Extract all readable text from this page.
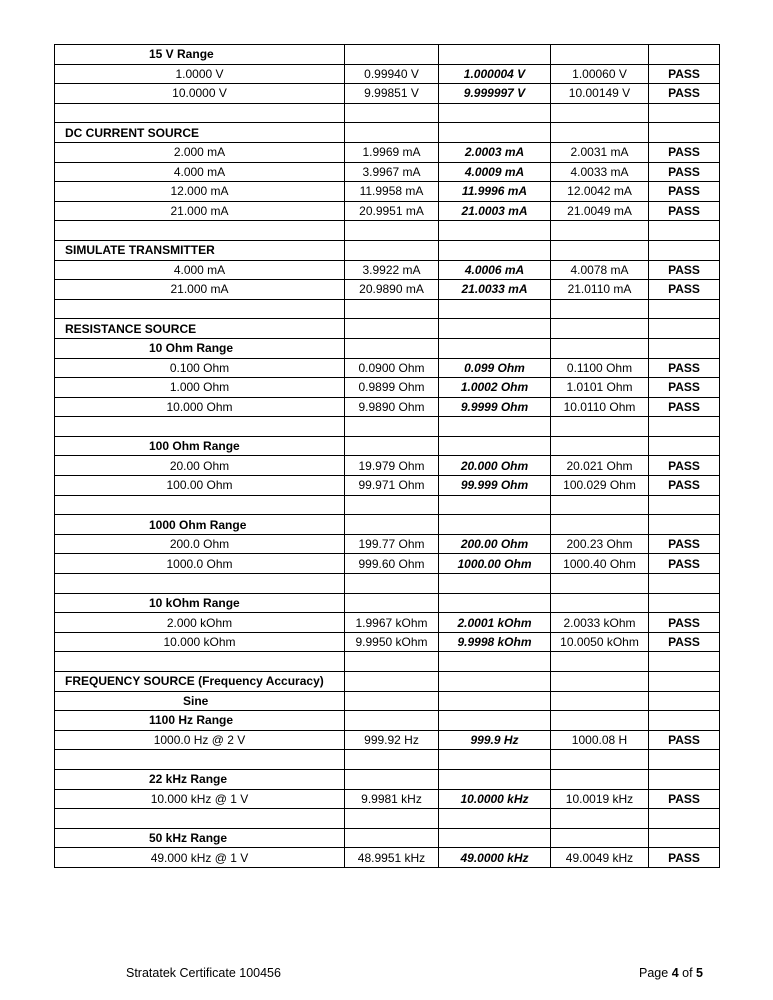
15 V Range				
1.0000 V	0.99940 V	1.000004 V	1.00060 V	PASS
10.0000 V	9.99851 V	9.999997 V	10.00149 V	PASS

DC CURRENT SOURCE				
2.000 mA	1.9969 mA	2.0003 mA	2.0031 mA	PASS
4.000 mA	3.9967 mA	4.0009 mA	4.0033 mA	PASS
12.000 mA	11.9958 mA	11.9996 mA	12.0042 mA	PASS
21.000 mA	20.9951 mA	21.0003 mA	21.0049 mA	PASS

SIMULATE TRANSMITTER				
4.000 mA	3.9922 mA	4.0006 mA	4.0078 mA	PASS
21.000 mA	20.9890 mA	21.0033 mA	21.0110 mA	PASS

RESISTANCE SOURCE				
10 Ohm Range				
0.100 Ohm	0.0900 Ohm	0.099 Ohm	0.1100 Ohm	PASS
1.000 Ohm	0.9899 Ohm	1.0002 Ohm	1.0101 Ohm	PASS
10.000 Ohm	9.9890 Ohm	9.9999 Ohm	10.0110 Ohm	PASS

100 Ohm Range				
20.00 Ohm	19.979 Ohm	20.000 Ohm	20.021 Ohm	PASS
100.00 Ohm	99.971 Ohm	99.999 Ohm	100.029 Ohm	PASS

1000 Ohm Range				
200.0 Ohm	199.77 Ohm	200.00 Ohm	200.23 Ohm	PASS
1000.0 Ohm	999.60 Ohm	1000.00 Ohm	1000.40 Ohm	PASS

10 kOhm Range				
2.000 kOhm	1.9967 kOhm	2.0001 kOhm	2.0033 kOhm	PASS
10.000 kOhm	9.9950 kOhm	9.9998 kOhm	10.0050 kOhm	PASS

FREQUENCY SOURCE (Frequency Accuracy)				
Sine				
1100 Hz Range				
1000.0 Hz @ 2 V	999.92 Hz	999.9 Hz	1000.08 H	PASS

22 kHz Range				
10.000 kHz @ 1 V	9.9981 kHz	10.0000 kHz	10.0019 kHz	PASS

50 kHz Range				
49.000 kHz @ 1 V	48.9951 kHz	49.0000 kHz	49.0049 kHz	PASS
Stratatek Certificate 100456	Page 4 of 5
